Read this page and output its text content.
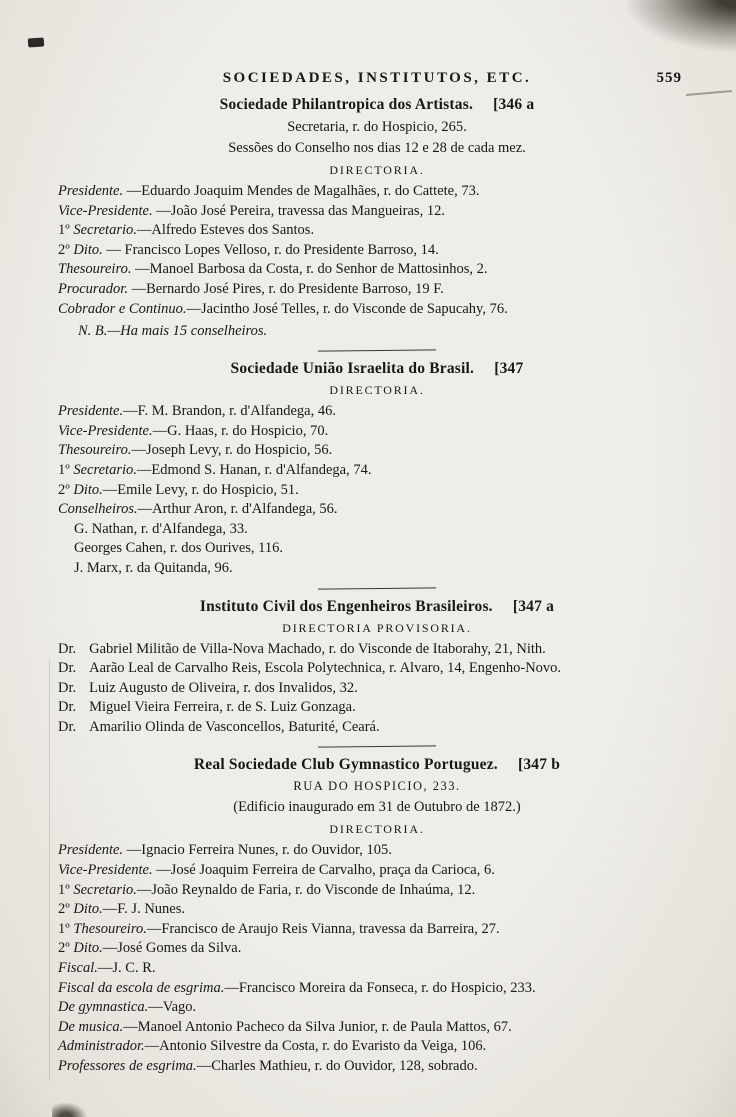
SOCIEDADES, INSTITUTOS, ETC.	559
Sociedade Philantropica dos Artistas. [346 a

Secretaria, r. do Hospicio, 265.

Sessões do Conselho nos dias 12 e 28 de cada mez.

DIRECTORIA.

Presidente. —Eduardo Joaquim Mendes de Magalhães, r. do Cattete, 73.

Vice-Presidente. —João José Pereira, travessa das Mangueiras, 12.

1º Secretario.—Alfredo Esteves dos Santos.

2º Dito. — Francisco Lopes Velloso, r. do Presidente Barroso, 14.

Thesoureiro. —Manoel Barbosa da Costa, r. do Senhor de Mattosinhos, 2.

Procurador. —Bernardo José Pires, r. do Presidente Barroso, 19 F.

Cobrador e Continuo.—Jacintho José Telles, r. do Visconde de Sapucahy, 76.

N. B.—Ha mais 15 conselheiros.

Sociedade União Israelita do Brasil. [347

DIRECTORIA.

Presidente.—F. M. Brandon, r. d'Alfandega, 46.

Vice-Presidente.—G. Haas, r. do Hospicio, 70.

Thesoureiro.—Joseph Levy, r. do Hospicio, 56.

1º Secretario.—Edmond S. Hanan, r. d'Alfandega, 74.

2º Dito.—Emile Levy, r. do Hospicio, 51.

Conselheiros.—Arthur Aron, r. d'Alfandega, 56.

G. Nathan, r. d'Alfandega, 33.

Georges Cahen, r. dos Ourives, 116.

J. Marx, r. da Quitanda, 96.

Instituto Civil dos Engenheiros Brasileiros. [347 a

DIRECTORIA PROVISORIA.

Dr. Gabriel Militão de Villa-Nova Machado, r. do Visconde de Itaborahy, 21, Nith.

Dr. Aarão Leal de Carvalho Reis, Escola Polytechnica, r. Alvaro, 14, Engenho-Novo.

Dr. Luiz Augusto de Oliveira, r. dos Invalidos, 32.

Dr. Miguel Vieira Ferreira, r. de S. Luiz Gonzaga.

Dr. Amarilio Olinda de Vasconcellos, Baturité, Ceará.

Real Sociedade Club Gymnastico Portuguez. [347 b

RUA DO HOSPICIO, 233.

(Edificio inaugurado em 31 de Outubro de 1872.)

DIRECTORIA.

Presidente. —Ignacio Ferreira Nunes, r. do Ouvidor, 105.

Vice-Presidente. —José Joaquim Ferreira de Carvalho, praça da Carioca, 6.

1º Secretario.—João Reynaldo de Faria, r. do Visconde de Inhaúma, 12.

2º Dito.—F. J. Nunes.

1º Thesoureiro.—Francisco de Araujo Reis Vianna, travessa da Barreira, 27.

2º Dito.—José Gomes da Silva.

Fiscal.—J. C. R.

Fiscal da escola de esgrima.—Francisco Moreira da Fonseca, r. do Hospicio, 233.

De gymnastica.—Vago.

De musica.—Manoel Antonio Pacheco da Silva Junior, r. de Paula Mattos, 67.

Administrador.—Antonio Silvestre da Costa, r. do Evaristo da Veiga, 106.

Professores de esgrima.—Charles Mathieu, r. do Ouvidor, 128, sobrado.
